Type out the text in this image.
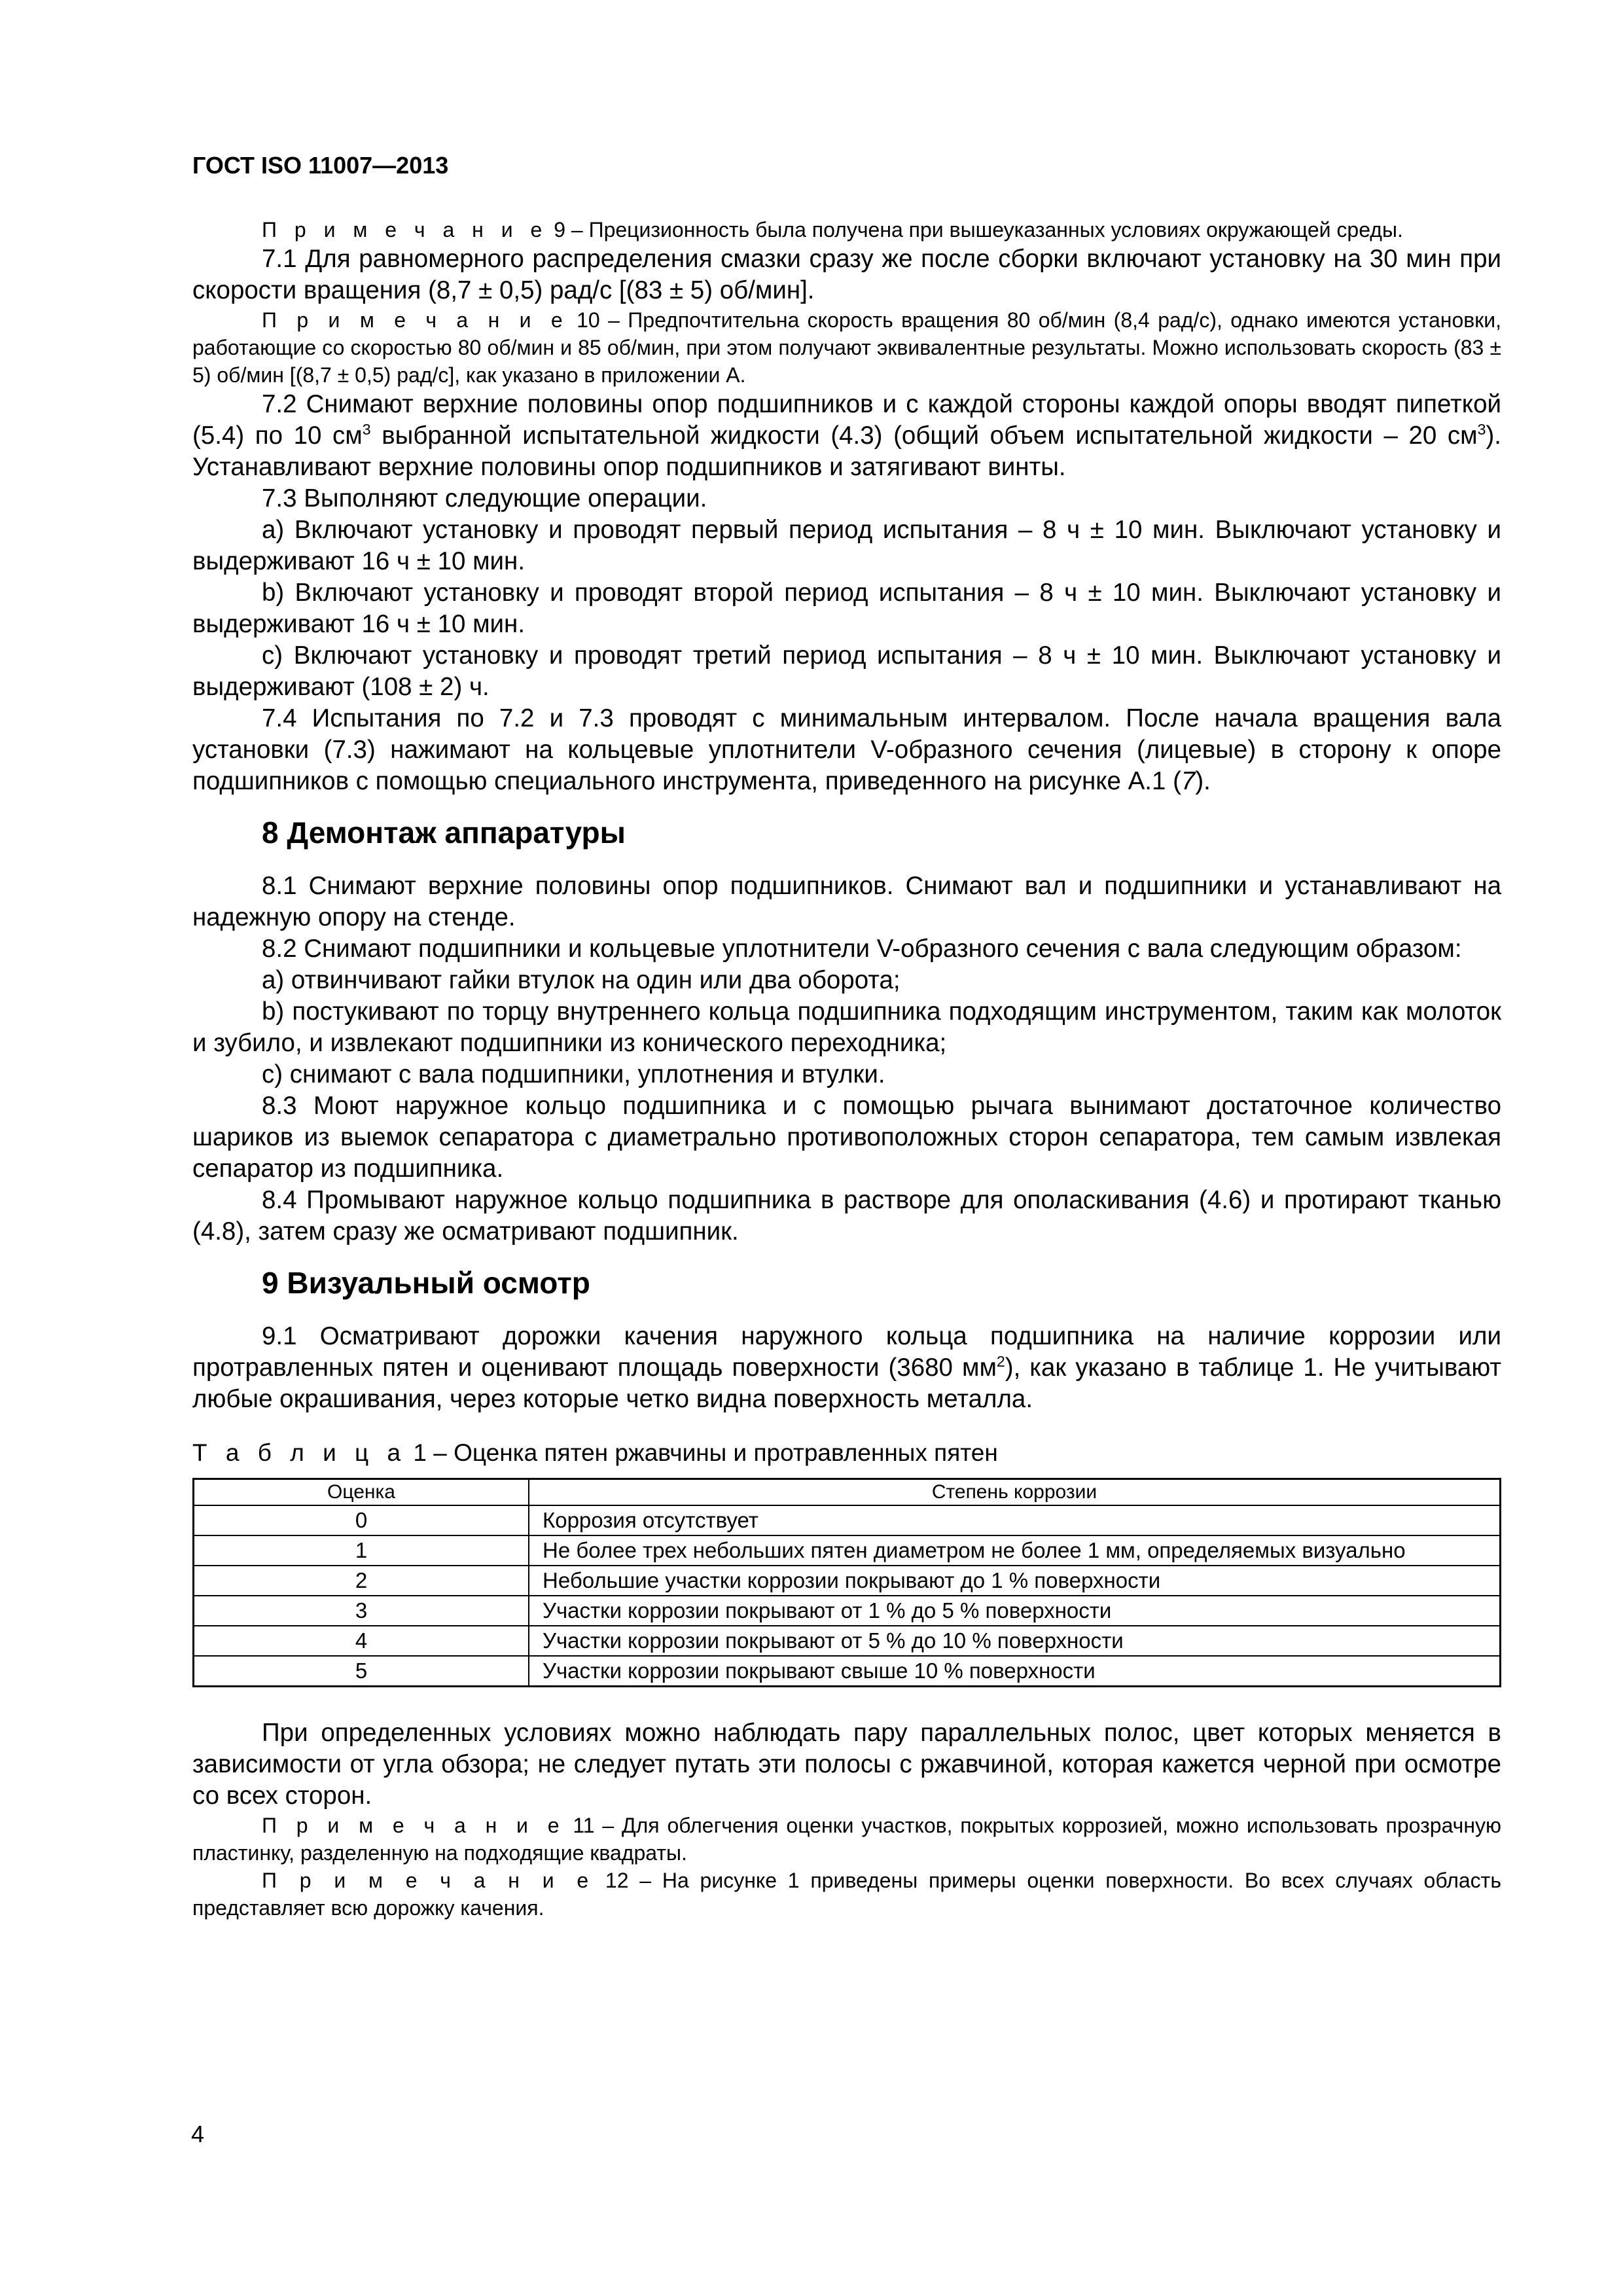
ГОСТ ISO 11007—2013

П р и м е ч а н и е 9 – Прецизионность была получена при вышеуказанных условиях окружающей среды.

7.1 Для равномерного распределения смазки сразу же после сборки включают установку на 30 мин при скорости вращения (8,7 ± 0,5) рад/с [(83 ± 5) об/мин].

П р и м е ч а н и е 10 – Предпочтительна скорость вращения 80 об/мин (8,4 рад/с), однако имеются установки, работающие со скоростью 80 об/мин и 85 об/мин, при этом получают эквивалентные результаты. Можно использовать скорость (83 ± 5) об/мин [(8,7 ± 0,5) рад/с], как указано в приложении А.

7.2 Снимают верхние половины опор подшипников и с каждой стороны каждой опоры вводят пипеткой (5.4) по 10 $см^3$ выбранной испытательной жидкости (4.3) (общий объем испытательной жидкости – 20 $см^3$). Устанавливают верхние половины опор подшипников и затягивают винты.

7.3 Выполняют следующие операции.

а) Включают установку и проводят первый период испытания – 8 ч ± 10 мин. Выключают установку и выдерживают 16 ч ± 10 мин.

b) Включают установку и проводят второй период испытания – 8 ч ± 10 мин. Выключают установку и выдерживают 16 ч ± 10 мин.

с) Включают установку и проводят третий период испытания – 8 ч ± 10 мин. Выключают установку и выдерживают (108 ± 2) ч.

7.4 Испытания по 7.2 и 7.3 проводят с минимальным интервалом. После начала вращения вала установки (7.3) нажимают на кольцевые уплотнители V-образного сечения (лицевые) в сторону к опоре подшипников с помощью специального инструмента, приведенного на рисунке А.1 (7).

8 Демонтаж аппаратуры

8.1 Снимают верхние половины опор подшипников. Снимают вал и подшипники и устанавливают на надежную опору на стенде.

8.2 Снимают подшипники и кольцевые уплотнители V-образного сечения с вала следующим образом:

а) отвинчивают гайки втулок на один или два оборота;

b) постукивают по торцу внутреннего кольца подшипника подходящим инструментом, таким как молоток и зубило, и извлекают подшипники из конического переходника;

с) снимают с вала подшипники, уплотнения и втулки.

8.3 Моют наружное кольцо подшипника и с помощью рычага вынимают достаточное количество шариков из выемок сепаратора с диаметрально противоположных сторон сепаратора, тем самым извлекая сепаратор из подшипника.

8.4 Промывают наружное кольцо подшипника в растворе для ополаскивания (4.6) и протирают тканью (4.8), затем сразу же осматривают подшипник.

9 Визуальный осмотр

9.1 Осматривают дорожки качения наружного кольца подшипника на наличие коррозии или протравленных пятен и оценивают площадь поверхности (3680 $мм^2$), как указано в таблице 1. Не учитывают любые окрашивания, через которые четко видна поверхность металла.

Т а б л и ц а 1 – Оценка пятен ржавчины и протравленных пятен

Оценка	Степень коррозии
0	Коррозия отсутствует
1	Не более трех небольших пятен диаметром не более 1 мм, определяемых визуально
2	Небольшие участки коррозии покрывают до 1 % поверхности
3	Участки коррозии покрывают от 1 % до 5 % поверхности
4	Участки коррозии покрывают от 5 % до 10 % поверхности
5	Участки коррозии покрывают свыше 10 % поверхности

При определенных условиях можно наблюдать пару параллельных полос, цвет которых меняется в зависимости от угла обзора; не следует путать эти полосы с ржавчиной, которая кажется черной при осмотре со всех сторон.

П р и м е ч а н и е 11 – Для облегчения оценки участков, покрытых коррозией, можно использовать прозрачную пластинку, разделенную на подходящие квадраты.

П р и м е ч а н и е 12 – На рисунке 1 приведены примеры оценки поверхности. Во всех случаях область представляет всю дорожку качения.

4
